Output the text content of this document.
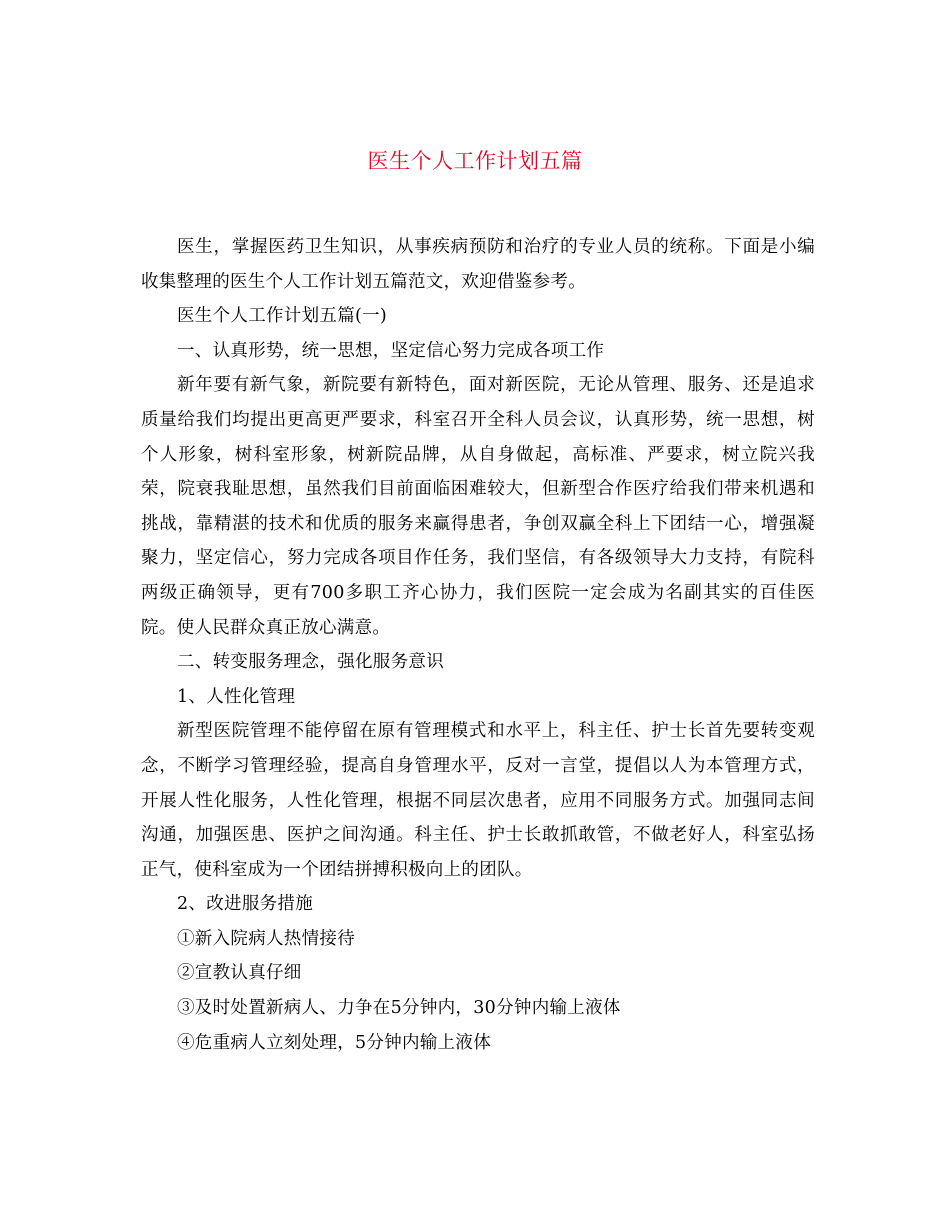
医生个人工作计划五篇

医生，掌握医药卫生知识，从事疾病预防和治疗的专业人员的统称。下面是小编收集整理的医生个人工作计划五篇范文，欢迎借鉴参考。

医生个人工作计划五篇(一)

一、认真形势，统一思想，坚定信心努力完成各项工作

新年要有新气象，新院要有新特色，面对新医院，无论从管理、服务、还是追求质量给我们均提出更高更严要求，科室召开全科人员会议，认真形势，统一思想，树个人形象，树科室形象，树新院品牌，从自身做起，高标准、严要求，树立院兴我荣，院衰我耻思想，虽然我们目前面临困难较大，但新型合作医疗给我们带来机遇和挑战，靠精湛的技术和优质的服务来赢得患者，争创双赢全科上下团结一心，增强凝聚力，坚定信心，努力完成各项目作任务，我们坚信，有各级领导大力支持，有院科两级正确领导，更有700多职工齐心协力，我们医院一定会成为名副其实的百佳医院。使人民群众真正放心满意。

二、转变服务理念，强化服务意识

1、人性化管理

新型医院管理不能停留在原有管理模式和水平上，科主任、护士长首先要转变观念，不断学习管理经验，提高自身管理水平，反对一言堂，提倡以人为本管理方式，开展人性化服务，人性化管理，根据不同层次患者，应用不同服务方式。加强同志间沟通，加强医患、医护之间沟通。科主任、护士长敢抓敢管，不做老好人，科室弘扬正气，使科室成为一个团结拼搏积极向上的团队。

2、改进服务措施

①新入院病人热情接待

②宣教认真仔细

③及时处置新病人、力争在5分钟内，30分钟内输上液体

④危重病人立刻处理，5分钟内输上液体
